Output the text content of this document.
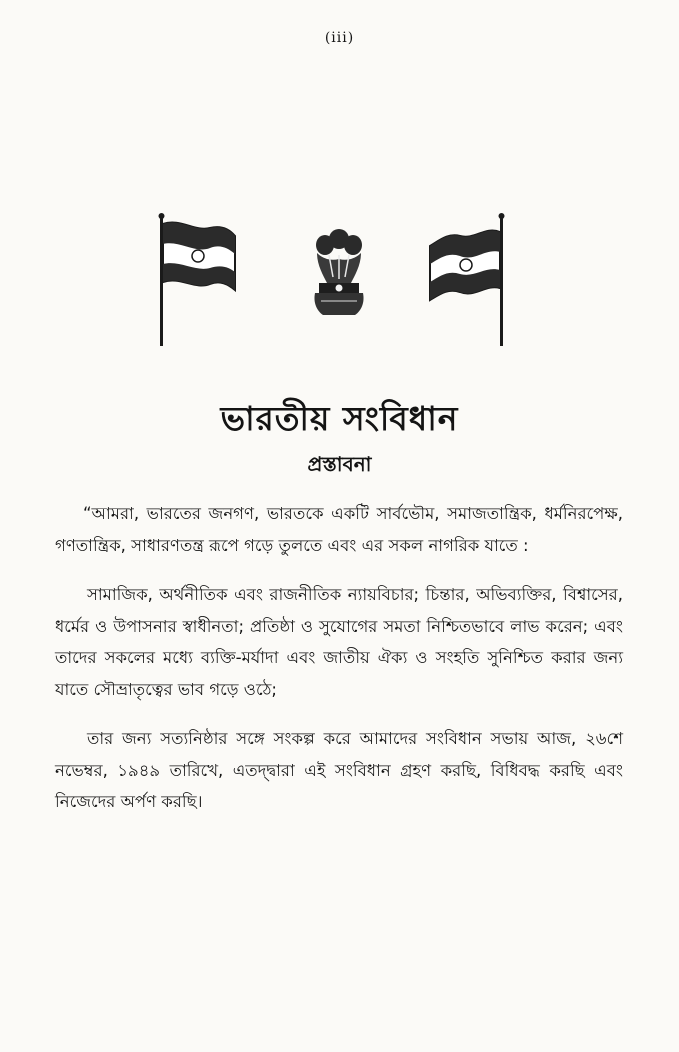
(iii)
ভারতীয় সংবিধান
প্রস্তাবনা

“আমরা, ভারতের জনগণ, ভারতকে একটি সার্বভৌম, সমাজতান্ত্রিক, ধর্মনিরপেক্ষ, গণতান্ত্রিক, সাধারণতন্ত্র রূপে গড়ে তুলতে এবং এর সকল নাগরিক যাতে :

সামাজিক, অর্থনীতিক এবং রাজনীতিক ন্যায়বিচার; চিন্তার, অভিব্যক্তির, বিশ্বাসের, ধর্মের ও উপাসনার স্বাধীনতা; প্রতিষ্ঠা ও সুযোগের সমতা নিশ্চিতভাবে লাভ করেন; এবং তাদের সকলের মধ্যে ব্যক্তি-মর্যাদা এবং জাতীয় ঐক্য ও সংহতি সুনিশ্চিত করার জন্য যাতে সৌভ্রাতৃত্বের ভাব গড়ে ওঠে;

তার জন্য সত্যনিষ্ঠার সঙ্গে সংকল্প করে আমাদের সংবিধান সভায় আজ, ২৬শে নভেম্বর, ১৯৪৯ তারিখে, এতদ্দ্বারা এই সংবিধান গ্রহণ করছি, বিধিবদ্ধ করছি এবং নিজেদের অর্পণ করছি।
